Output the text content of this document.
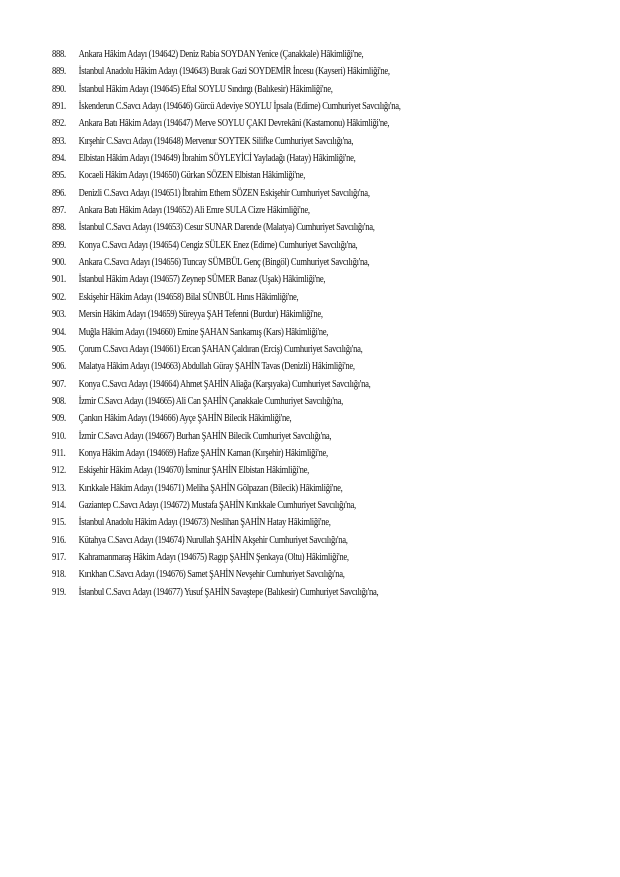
888.	Ankara Hâkim Adayı (194642) Deniz Rabia SOYDAN Yenice (Çanakkale) Hâkimliği'ne,
889.	İstanbul Anadolu Hâkim Adayı (194643) Burak Gazi SOYDEMİR İncesu (Kayseri) Hâkimliği'ne,
890.	İstanbul Hâkim Adayı (194645) Eftal SOYLU Sındırgı (Balıkesir) Hâkimliği'ne,
891.	İskenderun C.Savcı Adayı (194646) Gürcü Adeviye SOYLU İpsala (Edirne) Cumhuriyet Savcılığı'na,
892.	Ankara Batı Hâkim Adayı (194647) Merve SOYLU ÇAKI Devrekâni (Kastamonu) Hâkimliği'ne,
893.	Kırşehir C.Savcı Adayı (194648) Mervenur SOYTEK Silifke Cumhuriyet Savcılığı'na,
894.	Elbistan Hâkim Adayı (194649) İbrahim SÖYLEYİCİ Yayladağı (Hatay) Hâkimliği'ne,
895.	Kocaeli Hâkim Adayı (194650) Gürkan SÖZEN Elbistan Hâkimliği'ne,
896.	Denizli C.Savcı Adayı (194651) İbrahim Ethem SÖZEN Eskişehir Cumhuriyet Savcılığı'na,
897.	Ankara Batı Hâkim Adayı (194652) Ali Emre SULA Cizre Hâkimliği'ne,
898.	İstanbul C.Savcı Adayı (194653) Cesur SUNAR Darende (Malatya) Cumhuriyet Savcılığı'na,
899.	Konya C.Savcı Adayı (194654) Cengiz SÜLEK Enez (Edirne) Cumhuriyet Savcılığı'na,
900.	Ankara C.Savcı Adayı (194656) Tuncay SÜMBÜL Genç (Bingöl) Cumhuriyet Savcılığı'na,
901.	İstanbul Hâkim Adayı (194657) Zeynep SÜMER Banaz (Uşak) Hâkimliği'ne,
902.	Eskişehir Hâkim Adayı (194658) Bilal SÜNBÜL Hınıs Hâkimliği'ne,
903.	Mersin Hâkim Adayı (194659) Süreyya ŞAH Tefenni (Burdur) Hâkimliği'ne,
904.	Muğla Hâkim Adayı (194660) Emine ŞAHAN Sarıkamış (Kars) Hâkimliği'ne,
905.	Çorum C.Savcı Adayı (194661) Ercan ŞAHAN Çaldıran (Erciş) Cumhuriyet Savcılığı'na,
906.	Malatya Hâkim Adayı (194663) Abdullah Güray ŞAHİN Tavas (Denizli) Hâkimliği'ne,
907.	Konya C.Savcı Adayı (194664) Ahmet ŞAHİN Aliağa (Karşıyaka) Cumhuriyet Savcılığı'na,
908.	İzmir C.Savcı Adayı (194665) Ali Can ŞAHİN Çanakkale Cumhuriyet Savcılığı'na,
909.	Çankırı Hâkim Adayı (194666) Ayçe ŞAHİN Bilecik Hâkimliği'ne,
910.	İzmir C.Savcı Adayı (194667) Burhan ŞAHİN Bilecik Cumhuriyet Savcılığı'na,
911.	Konya Hâkim Adayı (194669) Hafize ŞAHİN Kaman (Kırşehir) Hâkimliği'ne,
912.	Eskişehir Hâkim Adayı (194670) İsminur ŞAHİN Elbistan Hâkimliği'ne,
913.	Kırıkkale Hâkim Adayı (194671) Meliha ŞAHİN Gölpazarı (Bilecik) Hâkimliği'ne,
914.	Gaziantep C.Savcı Adayı (194672) Mustafa ŞAHİN Kırıkkale Cumhuriyet Savcılığı'na,
915.	İstanbul Anadolu Hâkim Adayı (194673) Neslihan ŞAHİN Hatay Hâkimliği'ne,
916.	Kütahya C.Savcı Adayı (194674) Nurullah ŞAHİN Akşehir Cumhuriyet Savcılığı'na,
917.	Kahramanmaraş Hâkim Adayı (194675) Ragıp ŞAHİN Şenkaya (Oltu) Hâkimliği'ne,
918.	Kırıkhan C.Savcı Adayı (194676) Samet ŞAHİN Nevşehir Cumhuriyet Savcılığı'na,
919.	İstanbul C.Savcı Adayı (194677) Yusuf ŞAHİN Savaştepe (Balıkesir) Cumhuriyet Savcılığı'na,
